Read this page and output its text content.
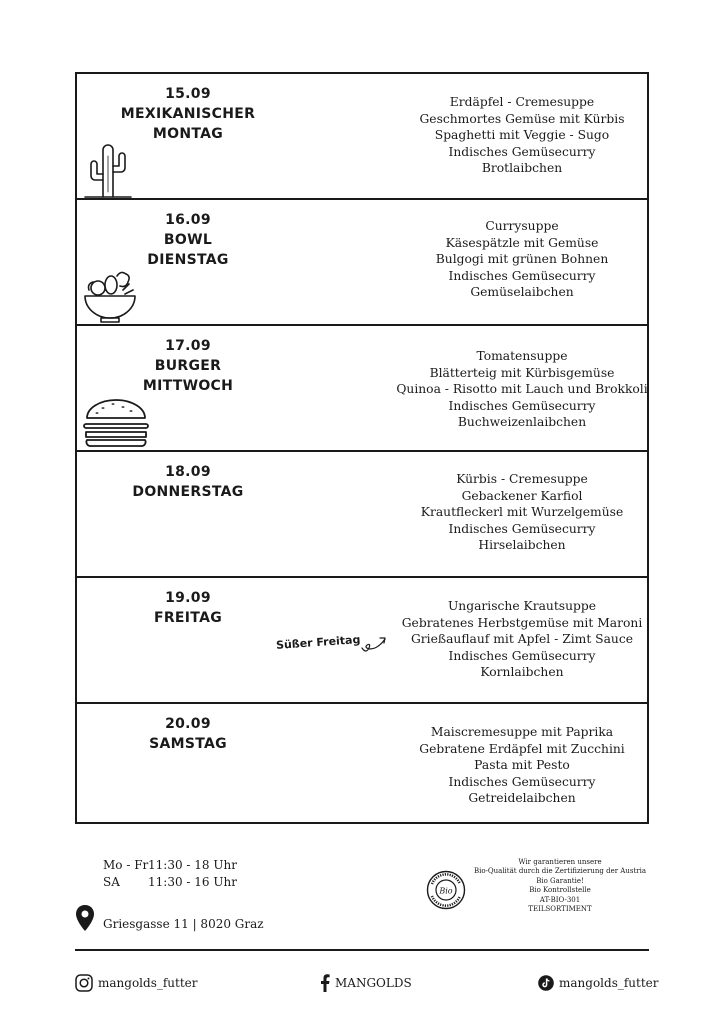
15.09
MEXIKANISCHER
MONTAG
Erdäpfel - Cremesuppe
Geschmortes Gemüse mit Kürbis
Spaghetti mit Veggie - Sugo
Indisches Gemüsecurry
Brotlaibchen
16.09
BOWL
DIENSTAG
Currysuppe
Käsespätzle mit Gemüse
Bulgogi mit grünen Bohnen
Indisches Gemüsecurry
Gemüselaibchen
17.09
BURGER
MITTWOCH
Tomatensuppe
Blätterteig mit Kürbisgemüse
Quinoa - Risotto mit Lauch und Brokkoli
Indisches Gemüsecurry
Buchweizenlaibchen
18.09
DONNERSTAG
Kürbis - Cremesuppe
Gebackener Karfiol
Krautfleckerl mit Wurzelgemüse
Indisches Gemüsecurry
Hirselaibchen
19.09
FREITAG
Ungarische Krautsuppe
Gebratenes Herbstgemüse mit Maroni
Grießauflauf mit Apfel - Zimt Sauce
Indisches Gemüsecurry
Kornlaibchen
20.09
SAMSTAG
Maiscremesuppe mit Paprika
Gebratene Erdäpfel mit Zucchini
Pasta mit Pesto
Indisches Gemüsecurry
Getreidelaibchen
Süßer Freitag
Mo - Fr11:30 - 18 Uhr
SA 11:30 - 16 Uhr
Griesgasse 11 | 8020 Graz
Bio
Wir garantieren unsere
Bio-Qualität durch die Zertifizierung der Austria
Bio Garantie!
Bio Kontrollstelle
AT-BIO-301
TEILSORTIMENT
mangolds_futter	MANGOLDS	mangolds_futter
